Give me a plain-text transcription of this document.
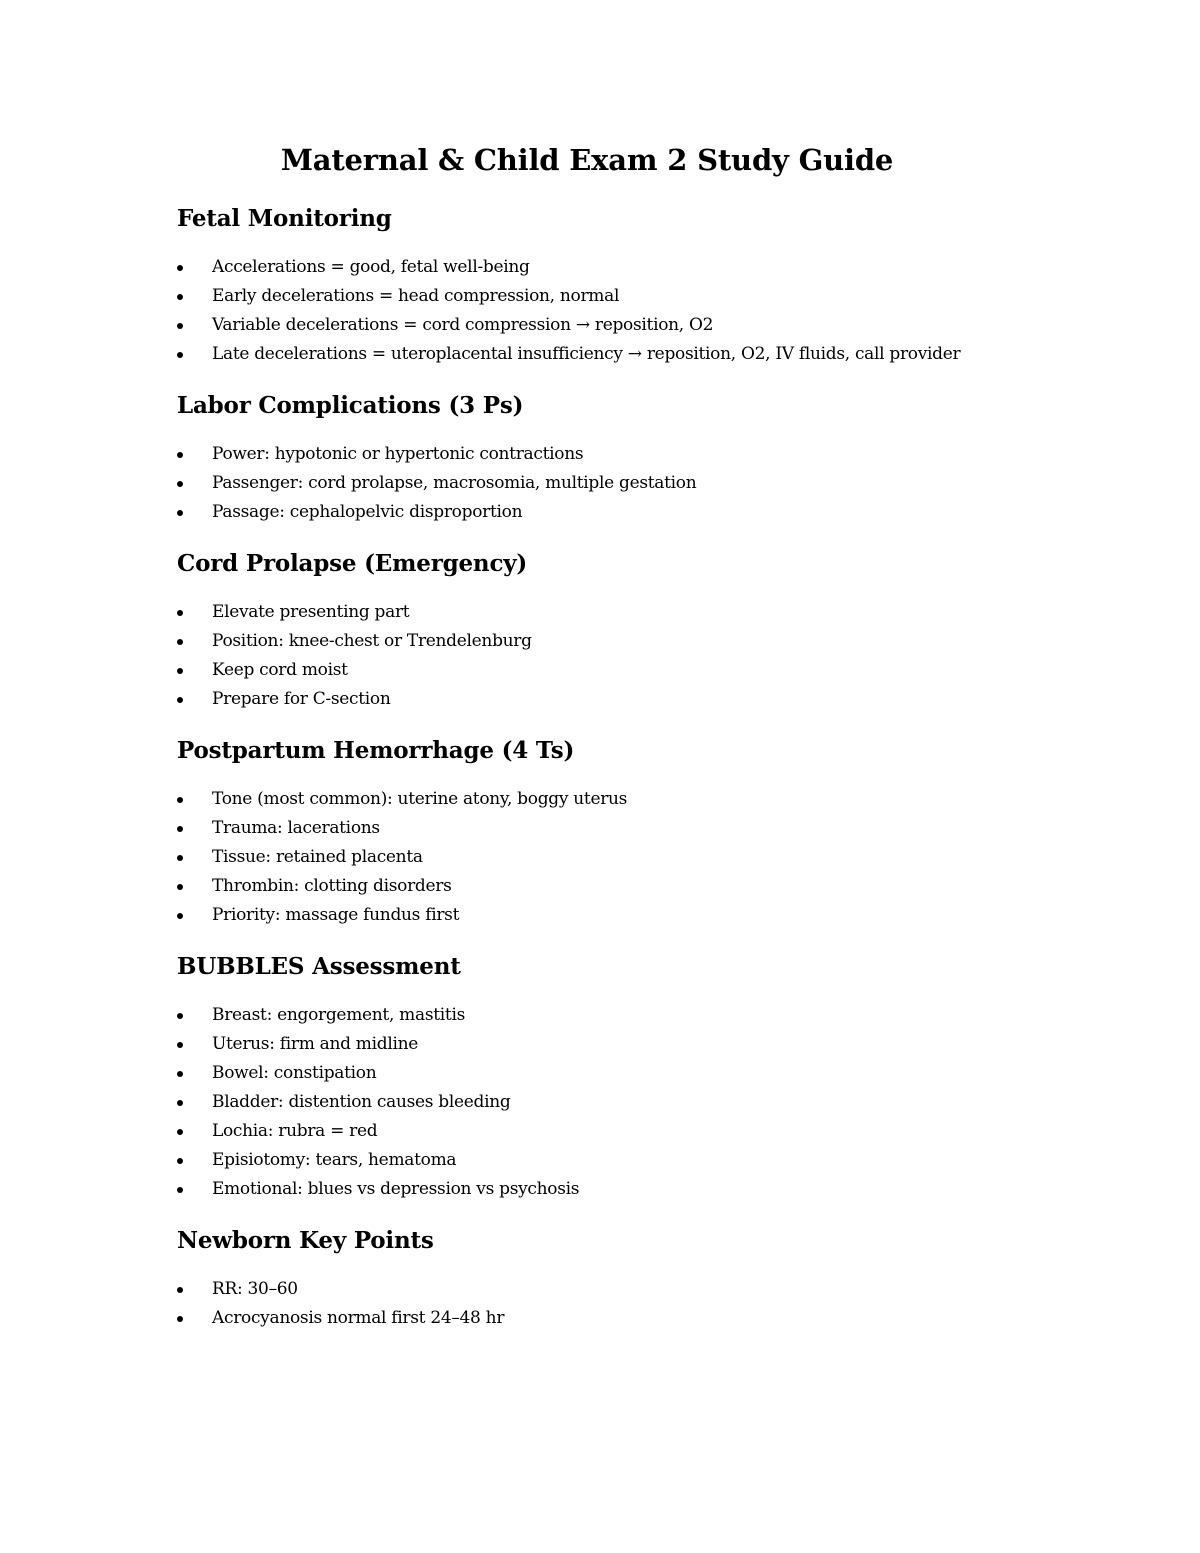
Maternal & Child Exam 2 Study Guide
Fetal Monitoring
Accelerations = good, fetal well-being
Early decelerations = head compression, normal
Variable decelerations = cord compression → reposition, O2
Late decelerations = uteroplacental insufficiency → reposition, O2, IV fluids, call provider
Labor Complications (3 Ps)
Power: hypotonic or hypertonic contractions
Passenger: cord prolapse, macrosomia, multiple gestation
Passage: cephalopelvic disproportion
Cord Prolapse (Emergency)
Elevate presenting part
Position: knee-chest or Trendelenburg
Keep cord moist
Prepare for C-section
Postpartum Hemorrhage (4 Ts)
Tone (most common): uterine atony, boggy uterus
Trauma: lacerations
Tissue: retained placenta
Thrombin: clotting disorders
Priority: massage fundus first
BUBBLES Assessment
Breast: engorgement, mastitis
Uterus: firm and midline
Bowel: constipation
Bladder: distention causes bleeding
Lochia: rubra = red
Episiotomy: tears, hematoma
Emotional: blues vs depression vs psychosis
Newborn Key Points
RR: 30–60
Acrocyanosis normal first 24–48 hr
